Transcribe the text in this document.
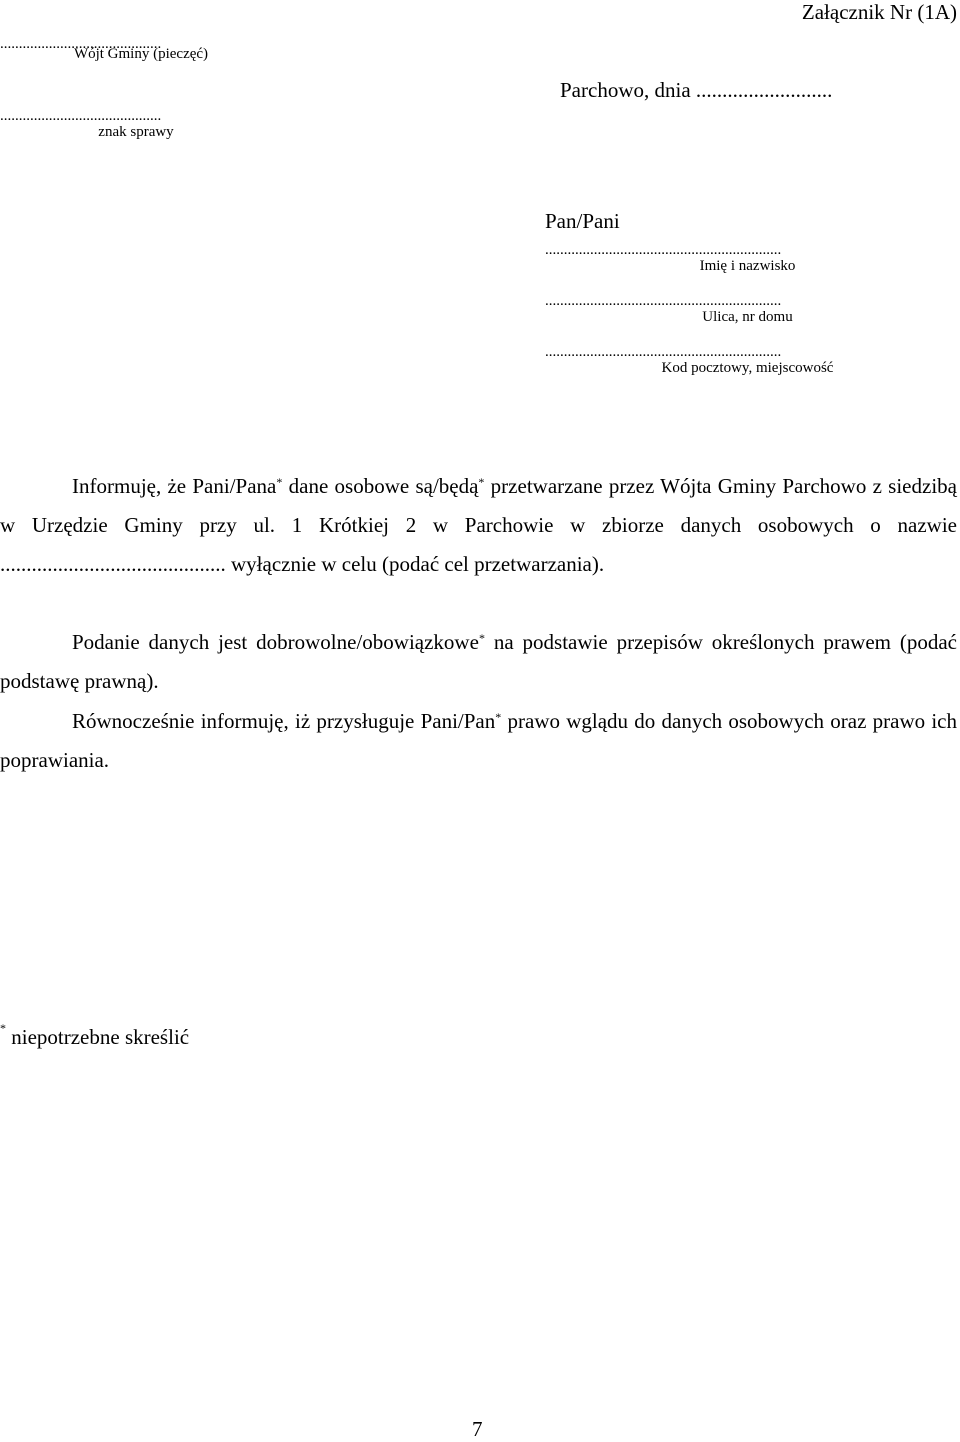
Załącznik Nr (1A)
...........................................
Wójt Gminy (pieczęć)
Parchowo, dnia ..........................
...........................................
znak sprawy
Pan/Pani
...............................................................
Imię i nazwisko
...............................................................
Ulica, nr domu
...............................................................
Kod pocztowy, miejscowość
Informuję, że Pani/Pana* dane osobowe są/będą* przetwarzane przez Wójta Gminy Parchowo z siedzibą w Urzędzie Gminy przy ul. 1 Krótkiej 2 w Parchowie w zbiorze danych osobowych o nazwie ........................................... wyłącznie w celu (podać cel przetwarzania).
Podanie danych jest dobrowolne/obowiązkowe* na podstawie przepisów określonych prawem (podać podstawę prawną).
Równocześnie informuję, iż przysługuje Pani/Pan* prawo wglądu do danych osobowych oraz prawo ich poprawiania.
* niepotrzebne skreślić
7
